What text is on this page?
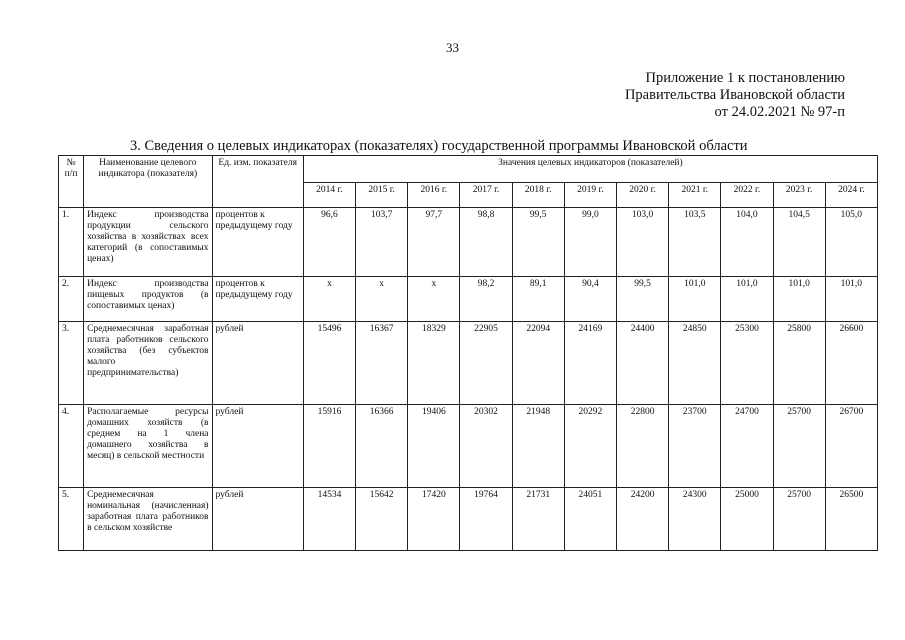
33
Приложение 1 к постановлению
Правительства Ивановской области
от 24.02.2021 № 97-п
3. Сведения о целевых индикаторах (показателях) государственной программы Ивановской области
№ п/п	Наименование целевого индикатора (показателя)	Ед. изм. показателя	Значения целевых индикаторов (показателей)										
			2014 г.	2015 г.	2016 г.	2017 г.	2018 г.	2019 г.	2020 г.	2021 г.	2022 г.	2023 г.	2024 г.
1.	Индекс производства продукции сельского хозяйства в хозяйствах всех категорий (в сопоставимых ценах)	процентов к предыдущему году	96,6	103,7	97,7	98,8	99,5	99,0	103,0	103,5	104,0	104,5	105,0
2.	Индекс производства пищевых продуктов (в сопоставимых ценах)	процентов к предыдущему году	х	х	х	98,2	89,1	90,4	99,5	101,0	101,0	101,0	101,0
3.	Среднемесячная заработная плата работников сельского хозяйства (без субъектов малого предпринимательства)	рублей	15496	16367	18329	22905	22094	24169	24400	24850	25300	25800	26600
4.	Располагаемые ресурсы домашних хозяйств (в среднем на 1 члена домашнего хозяйства в месяц) в сельской местности	рублей	15916	16366	19406	20302	21948	20292	22800	23700	24700	25700	26700
5.	Среднемесячная номинальная (начисленная) заработная плата работников в сельском хозяйстве	рублей	14534	15642	17420	19764	21731	24051	24200	24300	25000	25700	26500
